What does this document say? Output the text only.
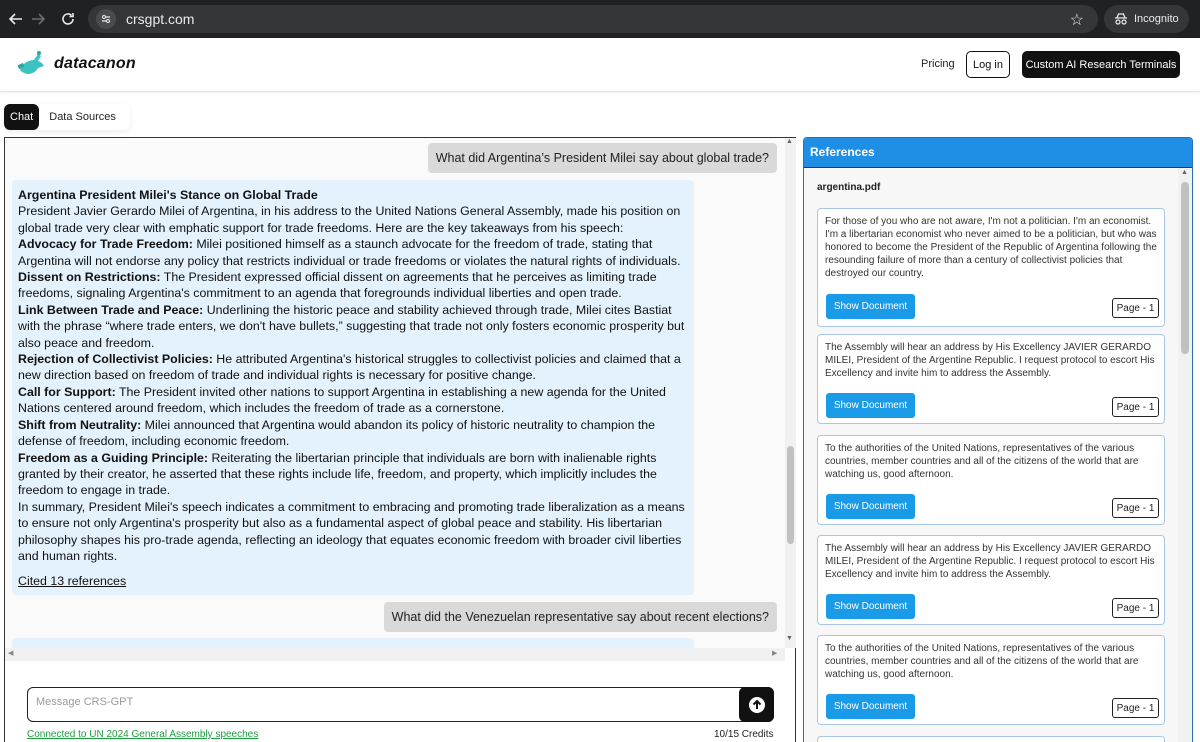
crsgpt.com	☆	Incognito
datacanon	Pricing	Log in	Custom AI Research Terminals
Chat	Data Sources
What did Argentina’s President Milei say about global trade?
Argentina President Milei's Stance on Global Trade
President Javier Gerardo Milei of Argentina, in his address to the United Nations General Assembly, made his position on global trade very clear with emphatic support for trade freedoms. Here are the key takeaways from his speech:
Advocacy for Trade Freedom: Milei positioned himself as a staunch advocate for the freedom of trade, stating that Argentina will not endorse any policy that restricts individual or trade freedoms or violates the natural rights of individuals.
Dissent on Restrictions: The President expressed official dissent on agreements that he perceives as limiting trade freedoms, signaling Argentina's commitment to an agenda that foregrounds individual liberties and open trade.
Link Between Trade and Peace: Underlining the historic peace and stability achieved through trade, Milei cites Bastiat with the phrase “where trade enters, we don't have bullets,” suggesting that trade not only fosters economic prosperity but also peace and freedom.
Rejection of Collectivist Policies: He attributed Argentina's historical struggles to collectivist policies and claimed that a new direction based on freedom of trade and individual rights is necessary for positive change.
Call for Support: The President invited other nations to support Argentina in establishing a new agenda for the United Nations centered around freedom, which includes the freedom of trade as a cornerstone.
Shift from Neutrality: Milei announced that Argentina would abandon its policy of historic neutrality to champion the defense of freedom, including economic freedom.
Freedom as a Guiding Principle: Reiterating the libertarian principle that individuals are born with inalienable rights granted by their creator, he asserted that these rights include life, freedom, and property, which implicitly includes the freedom to engage in trade.
In summary, President Milei's speech indicates a commitment to embracing and promoting trade liberalization as a means to ensure not only Argentina's prosperity but also as a fundamental aspect of global peace and stability. His libertarian philosophy shapes his pro-trade agenda, reflecting an ideology that equates economic freedom with broader civil liberties and human rights.
Cited 13 references
What did the Venezuelan representative say about recent elections?
▲
▼
◀	▶
Message CRS-GPT
Connected to UN 2024 General Assembly speeches	10/15 Credits
References
argentina.pdf
For those of you who are not aware, I'm not a politician. I'm an economist. I'm a libertarian economist who never aimed to be a politician, but who was honored to become the President of the Republic of Argentina following the resounding failure of more than a century of collectivist policies that destroyed our country.
Show Document	Page - 1
The Assembly will hear an address by His Excellency JAVIER GERARDO MILEI, President of the Argentine Republic. I request protocol to escort His Excellency and invite him to address the Assembly.
Show Document	Page - 1
To the authorities of the United Nations, representatives of the various countries, member countries and all of the citizens of the world that are watching us, good afternoon.
Show Document	Page - 1
The Assembly will hear an address by His Excellency JAVIER GERARDO MILEI, President of the Argentine Republic. I request protocol to escort His Excellency and invite him to address the Assembly.
Show Document	Page - 1
To the authorities of the United Nations, representatives of the various countries, member countries and all of the citizens of the world that are watching us, good afternoon.
Show Document	Page - 1
▲
